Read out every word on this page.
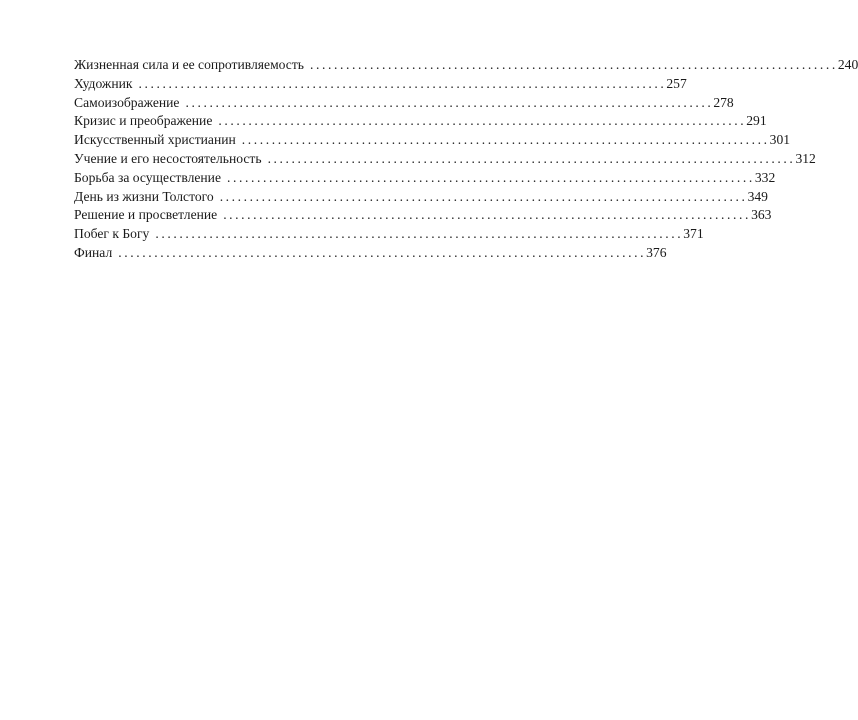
Жизненная сила и ее сопротивляемость ........................................................................................ 240
Художник ........................................................................................ 257
Самоизображение ........................................................................................ 278
Кризис и преображение ........................................................................................ 291
Искусственный христианин ........................................................................................ 301
Учение и его несостоятельность ........................................................................................ 312
Борьба за осуществление ........................................................................................ 332
День из жизни Толстого ........................................................................................ 349
Решение и просветление ........................................................................................ 363
Побег к Богу ........................................................................................ 371
Финал ........................................................................................ 376
